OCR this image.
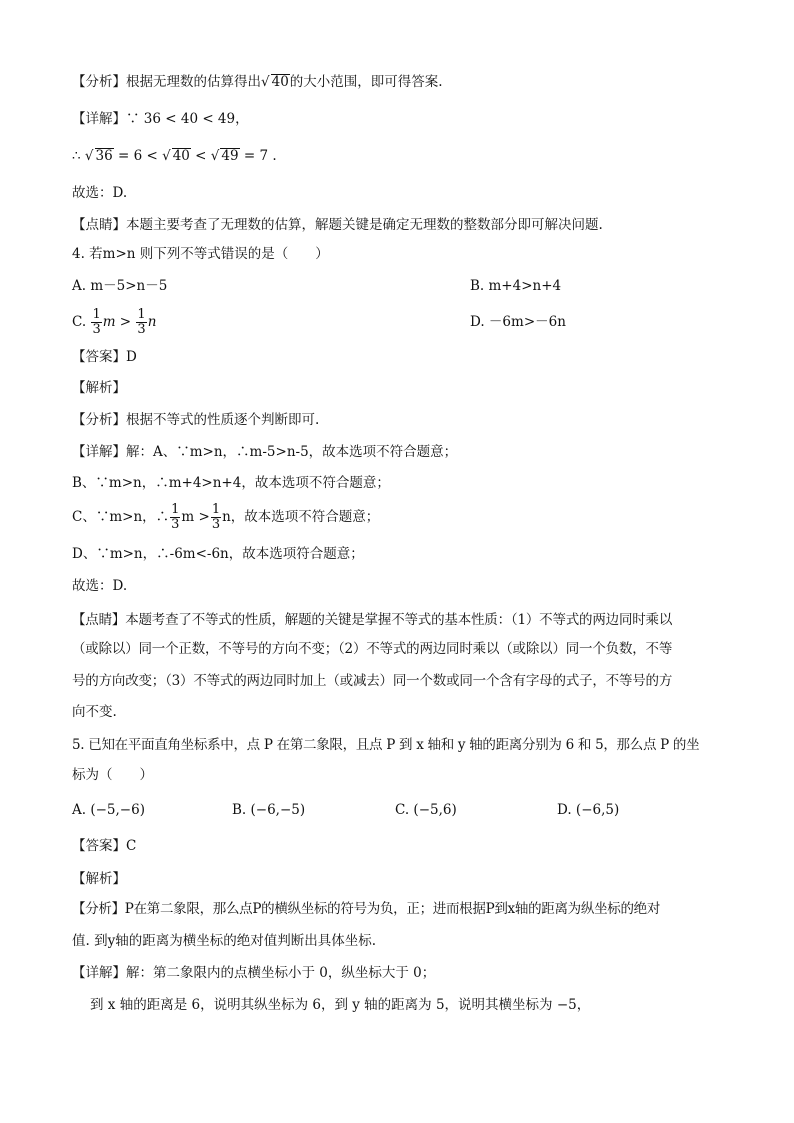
【分析】根据无理数的估算得出√ 40的大小范围，即可得答案.
【详解】∵ 36 < 40 < 49，
∴ √ 36 = 6 < √ 40 < √ 49 = 7 .
故选：D.
【点睛】本题主要考查了无理数的估算，解题关键是确定无理数的整数部分即可解决问题.
4. 若m>n 则下列不等式错误的是（　　）
A. m－5>n－5	B. m+4>n+4
C. $\frac{1}{3}$ $m > \frac{1}{3}$ n	D. －6m>－6n
【答案】D
【解析】
【分析】根据不等式的性质逐个判断即可.
【详解】解：A、∵m>n，∴m-5>n-5，故本选项不符合题意；
B、∵m>n，∴m+4>n+4，故本选项不符合题意；
C、∵m>n，∴ $\frac{1}{3}$ $m > \frac{1}{3}$ n，故本选项不符合题意；
D、∵m>n，∴-6m<-6n，故本选项符合题意；
故选：D.
【点睛】本题考查了不等式的性质，解题的关键是掌握不等式的基本性质：（1）不等式的两边同时乘以
（或除以）同一个正数，不等号的方向不变；（2）不等式的两边同时乘以（或除以）同一个负数，不等
号的方向改变；（3）不等式的两边同时加上（或减去）同一个数或同一个含有字母的式子，不等号的方
向不变.
5. 已知在平面直角坐标系中，点 P 在第二象限，且点 P 到 x 轴和 y 轴的距离分别为 6 和 5，那么点 P 的坐
标为（　　）
A. (−5,−6)	B. (−6,−5)	C. (−5,6)	D. (−6,5)
【答案】C
【解析】
【分析】P在第二象限，那么点P的横纵坐标的符号为负，正；进而根据P到x轴的距离为纵坐标的绝对
值. 到y轴的距离为横坐标的绝对值判断出具体坐标.
【详解】解：第二象限内的点横坐标小于 0，纵坐标大于 0；
到 x 轴的距离是 6，说明其纵坐标为 6，到 y 轴的距离为 5，说明其横坐标为 −5，
